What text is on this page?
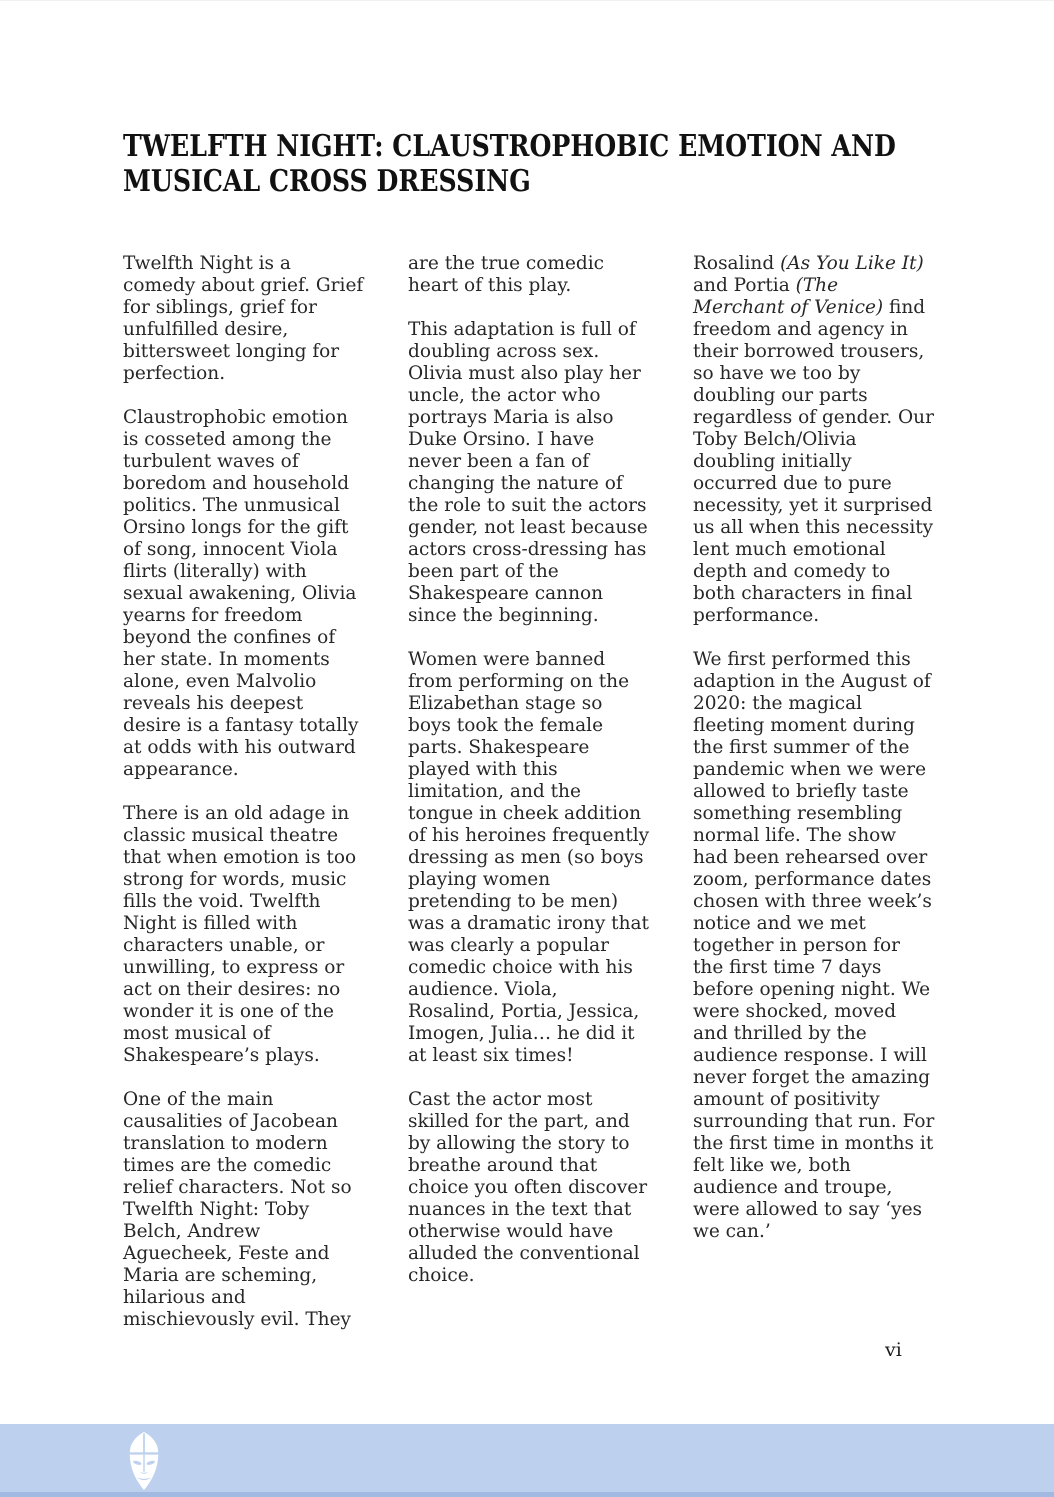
TWELFTH NIGHT: CLAUSTROPHOBIC EMOTION AND MUSICAL CROSS DRESSING

Twelfth Night is a comedy about grief. Grief for siblings, grief for unfulfilled desire, bittersweet longing for perfection.

Claustrophobic emotion is cosseted among the turbulent waves of boredom and household politics. The unmusical Orsino longs for the gift of song, innocent Viola flirts (literally) with sexual awakening, Olivia yearns for freedom beyond the confines of her state. In moments alone, even Malvolio reveals his deepest desire is a fantasy totally at odds with his outward appearance.

There is an old adage in classic musical theatre that when emotion is too strong for words, music fills the void. Twelfth Night is filled with characters unable, or unwilling, to express or act on their desires: no wonder it is one of the most musical of Shakespeare’s plays.

One of the main causalities of Jacobean translation to modern times are the comedic relief characters. Not so Twelfth Night: Toby Belch, Andrew Aguecheek, Feste and Maria are scheming, hilarious and mischievously evil. They

are the true comedic heart of this play.

This adaptation is full of doubling across sex. Olivia must also play her uncle, the actor who portrays Maria is also Duke Orsino. I have never been a fan of changing the nature of the role to suit the actors gender, not least because actors cross-dressing has been part of the Shakespeare cannon since the beginning.

Women were banned from performing on the Elizabethan stage so boys took the female parts. Shakespeare played with this limitation, and the tongue in cheek addition of his heroines frequently dressing as men (so boys playing women pretending to be men) was a dramatic irony that was clearly a popular comedic choice with his audience. Viola, Rosalind, Portia, Jessica, Imogen, Julia… he did it at least six times!

Cast the actor most skilled for the part, and by allowing the story to breathe around that choice you often discover nuances in the text that otherwise would have alluded the conventional choice.

Rosalind (As You Like It) and Portia (The Merchant of Venice) find freedom and agency in their borrowed trousers, so have we too by doubling our parts regardless of gender. Our Toby Belch/Olivia doubling initially occurred due to pure necessity, yet it surprised us all when this necessity lent much emotional depth and comedy to both characters in final performance.

We first performed this adaption in the August of 2020: the magical fleeting moment during the first summer of the pandemic when we were allowed to briefly taste something resembling normal life. The show had been rehearsed over zoom, performance dates chosen with three week’s notice and we met together in person for the first time 7 days before opening night. We were shocked, moved and thrilled by the audience response. I will never forget the amazing amount of positivity surrounding that run. For the first time in months it felt like we, both audience and troupe, were allowed to say ‘yes we can.’

vi
